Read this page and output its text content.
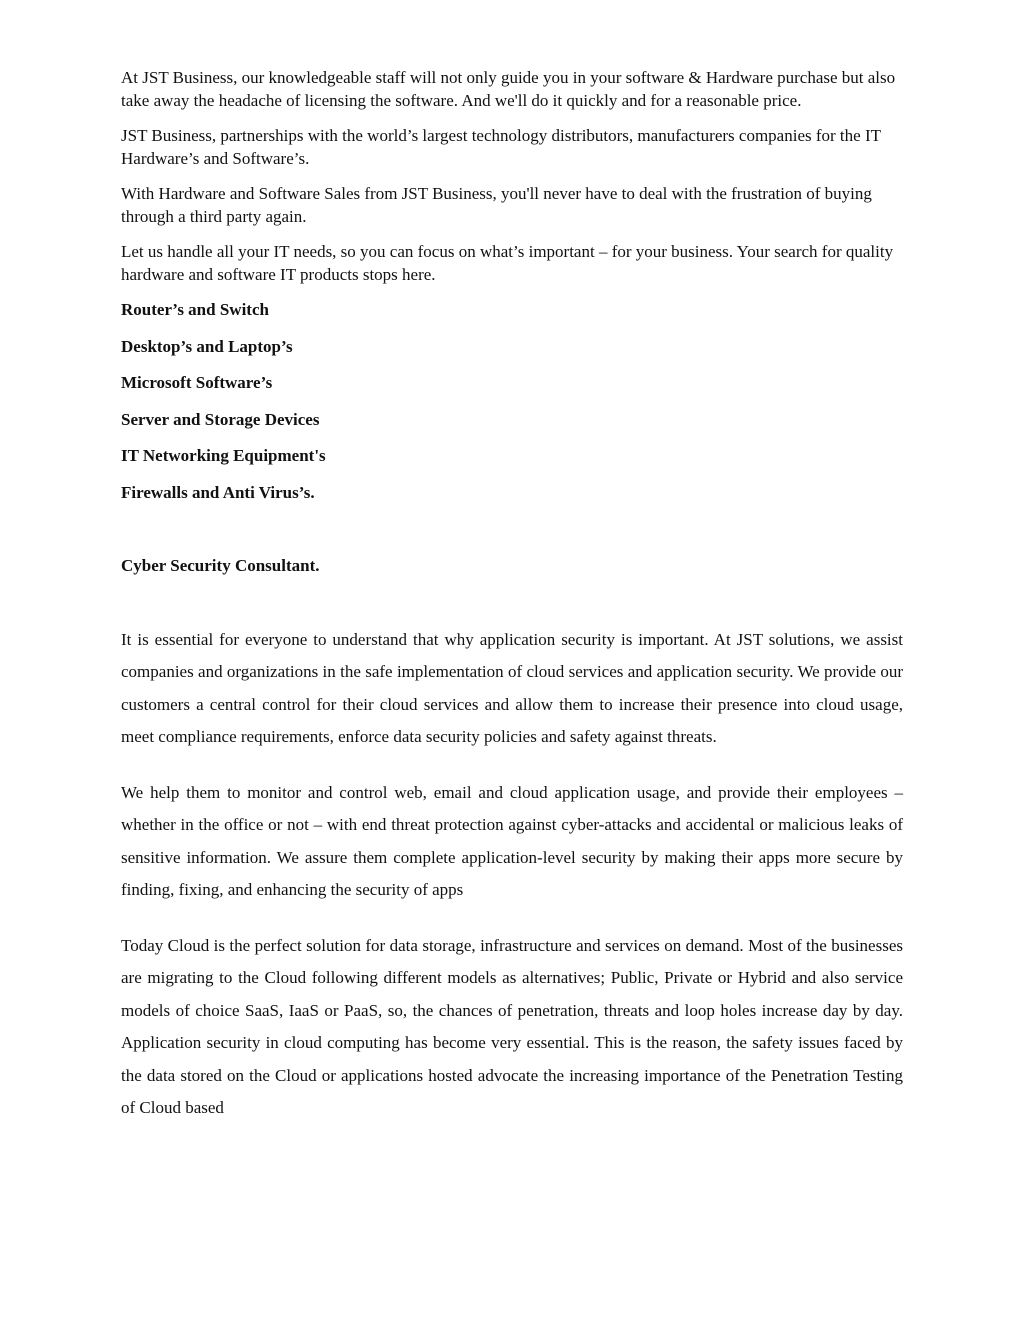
At JST Business, our knowledgeable staff will not only guide you in your software & Hardware purchase but also take away the headache of licensing the software. And we'll do it quickly and for a reasonable price.

JST Business, partnerships with the world’s largest technology distributors, manufacturers companies for the IT Hardware’s and Software’s.

With Hardware and Software Sales from JST Business, you'll never have to deal with the frustration of buying through a third party again.

Let us handle all your IT needs, so you can focus on what’s important – for your business. Your search for quality hardware and software IT products stops here.

Router’s and Switch
Desktop’s and Laptop’s
Microsoft Software’s
Server and Storage Devices
IT Networking Equipment's
Firewalls and Anti Virus’s.
Cyber Security Consultant.

It is essential for everyone to understand that why application security is important. At JST solutions, we assist companies and organizations in the safe implementation of cloud services and application security. We provide our customers a central control for their cloud services and allow them to increase their presence into cloud usage, meet compliance requirements, enforce data security policies and safety against threats.

We help them to monitor and control web, email and cloud application usage, and provide their employees – whether in the office or not – with end threat protection against cyber-attacks and accidental or malicious leaks of sensitive information. We assure them complete application-level security by making their apps more secure by finding, fixing, and enhancing the security of apps

Today Cloud is the perfect solution for data storage, infrastructure and services on demand. Most of the businesses are migrating to the Cloud following different models as alternatives; Public, Private or Hybrid and also service models of choice SaaS, IaaS or PaaS, so, the chances of penetration, threats and loop holes increase day by day. Application security in cloud computing has become very essential. This is the reason, the safety issues faced by the data stored on the Cloud or applications hosted advocate the increasing importance of the Penetration Testing of Cloud based
